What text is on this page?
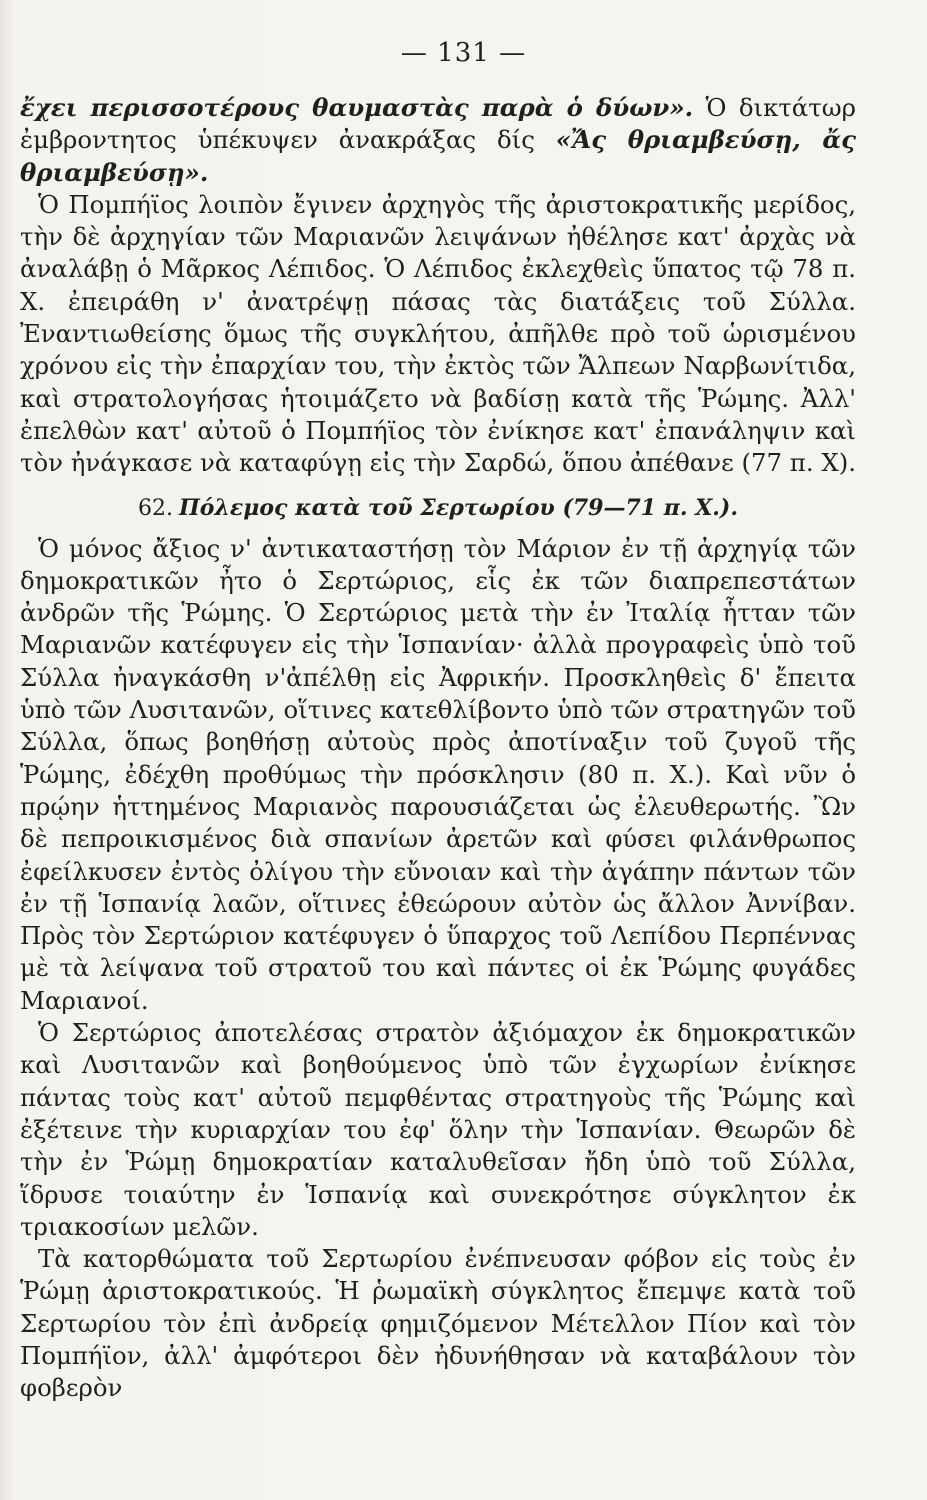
— 131 —

ἔχει περισσοτέρους θαυμαστὰς παρὰ ὁ δύων». Ὁ δικτάτωρ ἐμβροντητος ὑπέκυψεν ἀνακράξας δίς «Ἄς θριαμβεύσῃ, ἄς θριαμβεύσῃ».

Ὁ Πομπήϊος λοιπὸν ἔγινεν ἀρχηγὸς τῆς ἀριστοκρατικῆς μερίδος, τὴν δὲ ἀρχηγίαν τῶν Μαριανῶν λειψάνων ἠθέλησε κατ' ἀρχὰς νὰ ἀναλάβῃ ὁ Μᾶρκος Λέπιδος. Ὁ Λέπιδος ἐκλεχθεὶς ὕπατος τῷ 78 π. Χ. ἐπειράθη ν' ἀνατρέψῃ πάσας τὰς διατάξεις τοῦ Σύλλα. Ἐναντιωθείσης ὅμως τῆς συγκλήτου, ἀπῆλθε πρὸ τοῦ ὡρισμένου χρόνου εἰς τὴν ἐπαρχίαν του, τὴν ἐκτὸς τῶν Ἄλπεων Ναρβωνίτιδα, καὶ στρατολογήσας ἡτοιμάζετο νὰ βαδίσῃ κατὰ τῆς Ῥώμης. Ἀλλ' ἐπελθὼν κατ' αὐτοῦ ὁ Πομπήϊος τὸν ἐνίκησε κατ' ἐπανάληψιν καὶ τὸν ἠνάγκασε νὰ καταφύγῃ εἰς τὴν Σαρδώ, ὅπου ἀπέθανε (77 π. Χ).

62. Πόλεμος κατὰ τοῦ Σερτωρίου (79—71 π. Χ.).

Ὁ μόνος ἄξιος ν' ἀντικαταστήσῃ τὸν Μάριον ἐν τῇ ἀρχηγίᾳ τῶν δημοκρατικῶν ἦτο ὁ Σερτώριος, εἷς ἐκ τῶν διαπρεπεστάτων ἀνδρῶν τῆς Ῥώμης. Ὁ Σερτώριος μετὰ τὴν ἐν Ἰταλίᾳ ἧτταν τῶν Μαριανῶν κατέφυγεν εἰς τὴν Ἱσπανίαν· ἀλλὰ προγραφεὶς ὑπὸ τοῦ Σύλλα ἠναγκάσθη ν'ἀπέλθῃ εἰς Ἀφρικήν. Προσκληθεὶς δ' ἔπειτα ὑπὸ τῶν Λυσιτανῶν, οἵτινες κατεθλίβοντο ὑπὸ τῶν στρατηγῶν τοῦ Σύλλα, ὅπως βοηθήσῃ αὐτοὺς πρὸς ἀποτίναξιν τοῦ ζυγοῦ τῆς Ῥώμης, ἐδέχθη προθύμως τὴν πρόσκλησιν (80 π. Χ.). Καὶ νῦν ὁ πρῴην ἡττημένος Μαριανὸς παρουσιάζεται ὡς ἐλευθερωτής. Ὢν δὲ πεπροικισμένος διὰ σπανίων ἀρετῶν καὶ φύσει φιλάνθρωπος ἐφείλκυσεν ἐντὸς ὀλίγου τὴν εὔνοιαν καὶ τὴν ἀγάπην πάντων τῶν ἐν τῇ Ἱσπανίᾳ λαῶν, οἵτινες ἐθεώρουν αὐτὸν ὡς ἄλλον Ἀννίβαν. Πρὸς τὸν Σερτώριον κατέφυγεν ὁ ὕπαρχος τοῦ Λεπίδου Περπέννας μὲ τὰ λείψανα τοῦ στρατοῦ του καὶ πάντες οἱ ἐκ Ῥώμης φυγάδες Μαριανοί.

Ὁ Σερτώριος ἀποτελέσας στρατὸν ἀξιόμαχον ἐκ δημοκρατικῶν καὶ Λυσιτανῶν καὶ βοηθούμενος ὑπὸ τῶν ἐγχωρίων ἐνίκησε πάντας τοὺς κατ' αὐτοῦ πεμφθέντας στρατηγοὺς τῆς Ῥώμης καὶ ἐξέτεινε τὴν κυριαρχίαν του ἐφ' ὅλην τὴν Ἱσπανίαν. Θεωρῶν δὲ τὴν ἐν Ῥώμῃ δημοκρατίαν καταλυθεῖσαν ἤδη ὑπὸ τοῦ Σύλλα, ἵδρυσε τοιαύτην ἐν Ἱσπανίᾳ καὶ συνεκρότησε σύγκλητον ἐκ τριακοσίων μελῶν.

Τὰ κατορθώματα τοῦ Σερτωρίου ἐνέπνευσαν φόβον εἰς τοὺς ἐν Ῥώμῃ ἀριστοκρατικούς. Ἡ ῥωμαϊκὴ σύγκλητος ἔπεμψε κατὰ τοῦ Σερτωρίου τὸν ἐπὶ ἀνδρείᾳ φημιζόμενον Μέτελλον Πίον καὶ τὸν Πομπήϊον, ἀλλ' ἀμφότεροι δὲν ἠδυνήθησαν νὰ καταβάλουν τὸν φοβερὸν
